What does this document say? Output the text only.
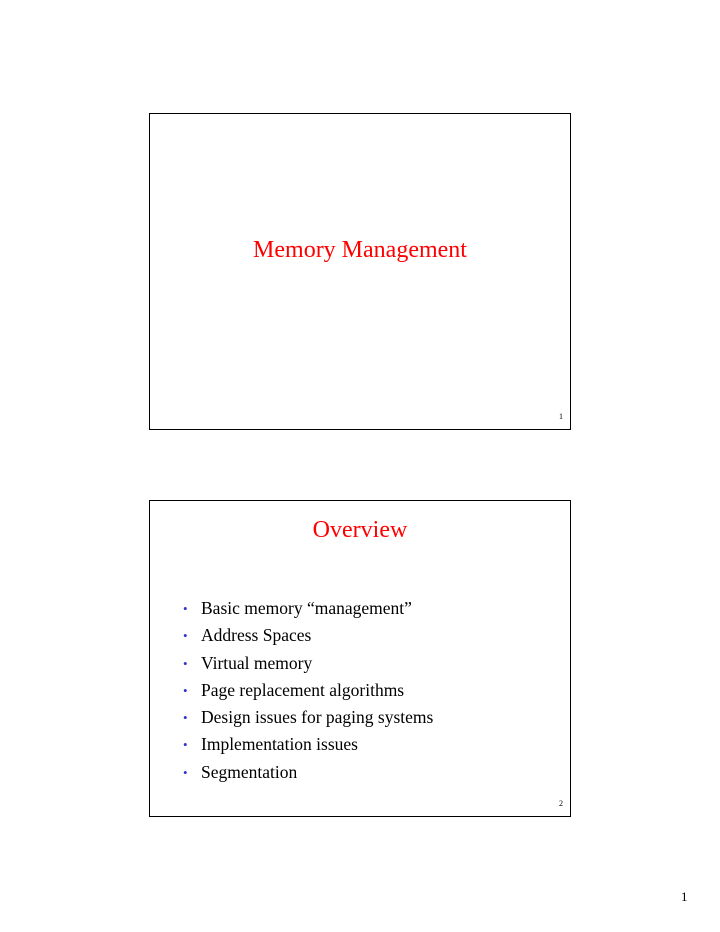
Memory Management
1
Overview
• Basic memory “management”
• Address Spaces
• Virtual memory
• Page replacement algorithms
• Design issues for paging systems
• Implementation issues
• Segmentation
2
1
